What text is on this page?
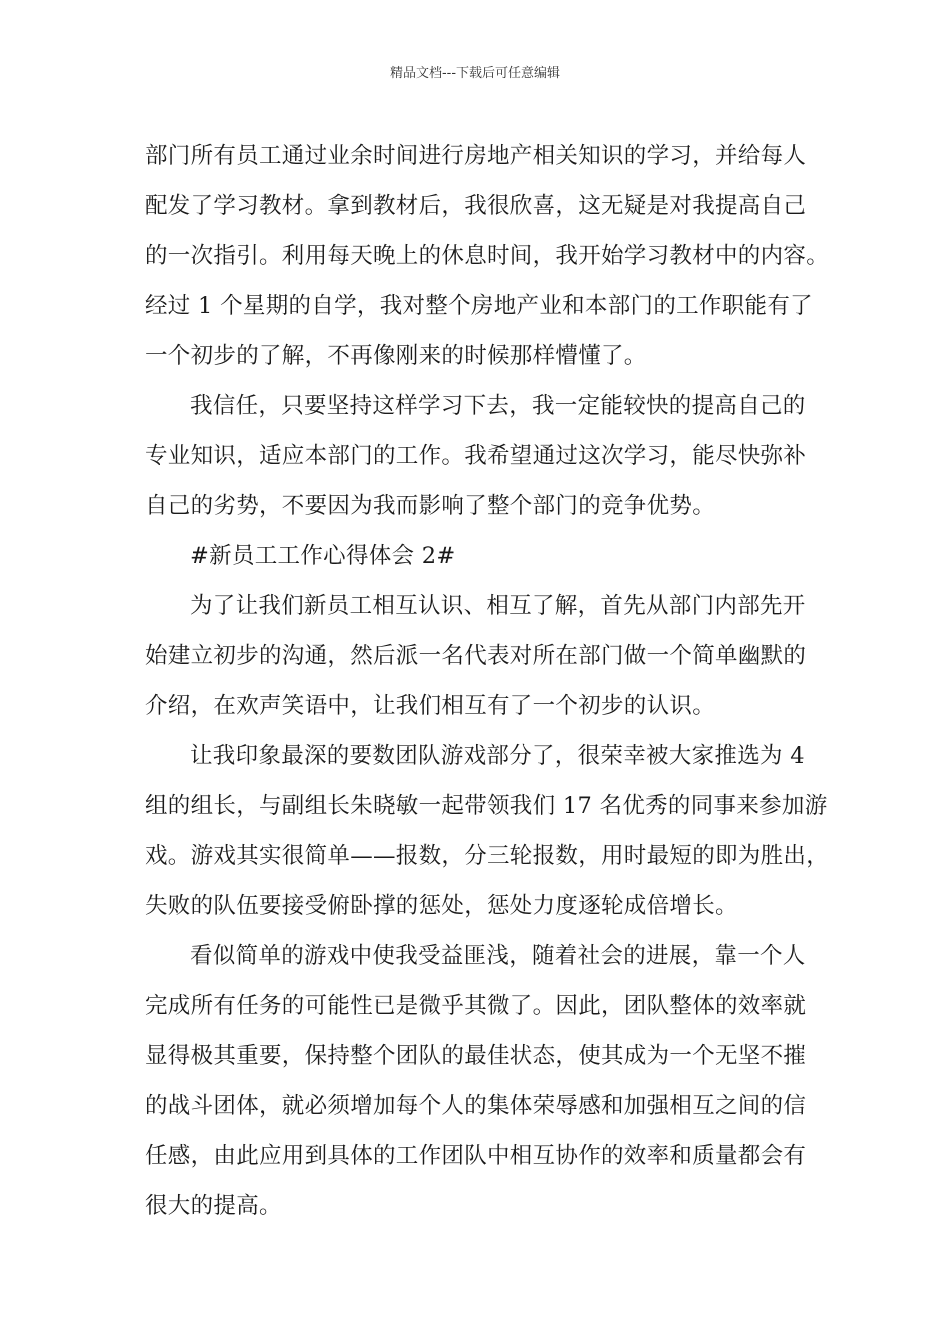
精品文档---下载后可任意编辑
部门所有员工通过业余时间进行房地产相关知识的学习，并给每人
配发了学习教材。拿到教材后，我很欣喜，这无疑是对我提高自己
的一次指引。利用每天晚上的休息时间，我开始学习教材中的内容。
经过 1 个星期的自学，我对整个房地产业和本部门的工作职能有了
一个初步的了解，不再像刚来的时候那样懵懂了。
我信任，只要坚持这样学习下去，我一定能较快的提高自己的
专业知识，适应本部门的工作。我希望通过这次学习，能尽快弥补
自己的劣势，不要因为我而影响了整个部门的竞争优势。
#新员工工作心得体会 2#
为了让我们新员工相互认识、相互了解，首先从部门内部先开
始建立初步的沟通，然后派一名代表对所在部门做一个简单幽默的
介绍，在欢声笑语中，让我们相互有了一个初步的认识。
让我印象最深的要数团队游戏部分了，很荣幸被大家推选为 4
组的组长，与副组长朱晓敏一起带领我们 17 名优秀的同事来参加游
戏。游戏其实很简单——报数，分三轮报数，用时最短的即为胜出，
失败的队伍要接受俯卧撑的惩处，惩处力度逐轮成倍增长。
看似简单的游戏中使我受益匪浅，随着社会的进展，靠一个人
完成所有任务的可能性已是微乎其微了。因此，团队整体的效率就
显得极其重要，保持整个团队的最佳状态，使其成为一个无坚不摧
的战斗团体，就必须增加每个人的集体荣辱感和加强相互之间的信
任感，由此应用到具体的工作团队中相互协作的效率和质量都会有
很大的提高。
